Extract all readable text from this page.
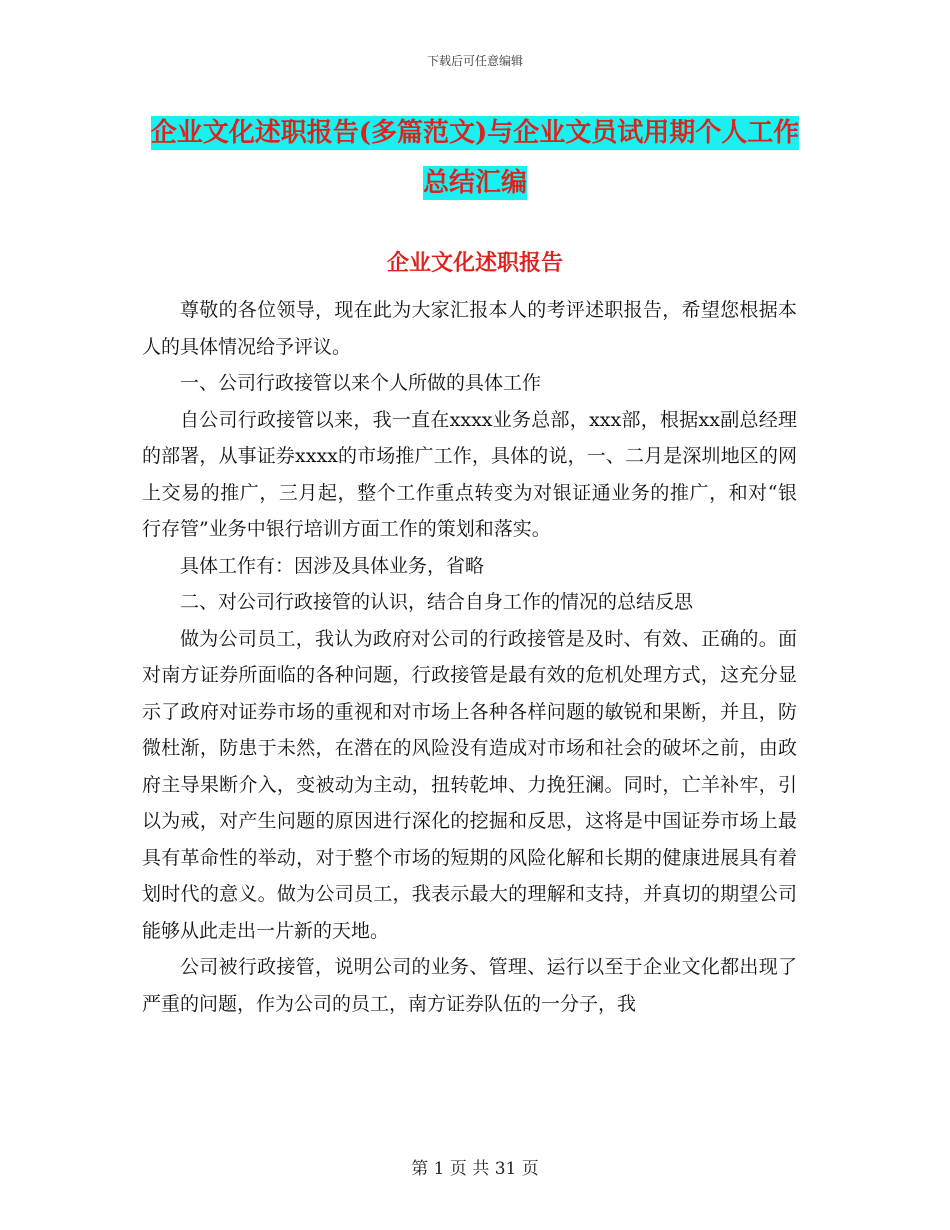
下载后可任意编辑
企业文化述职报告(多篇范文)与企业文员试用期个人工作总结汇编
企业文化述职报告

尊敬的各位领导，现在此为大家汇报本人的考评述职报告，希望您根据本人的具体情况给予评议。

一、公司行政接管以来个人所做的具体工作

自公司行政接管以来，我一直在xxxx业务总部，xxx部，根据xx副总经理的部署，从事证券xxxx的市场推广工作，具体的说，一、二月是深圳地区的网上交易的推广，三月起，整个工作重点转变为对银证通业务的推广，和对“银行存管”业务中银行培训方面工作的策划和落实。

具体工作有：因涉及具体业务，省略

二、对公司行政接管的认识，结合自身工作的情况的总结反思

做为公司员工，我认为政府对公司的行政接管是及时、有效、正确的。面对南方证券所面临的各种问题，行政接管是最有效的危机处理方式，这充分显示了政府对证券市场的重视和对市场上各种各样问题的敏锐和果断，并且，防微杜渐，防患于未然，在潜在的风险没有造成对市场和社会的破坏之前，由政府主导果断介入，变被动为主动，扭转乾坤、力挽狂澜。同时，亡羊补牢，引以为戒，对产生问题的原因进行深化的挖掘和反思，这将是中国证券市场上最具有革命性的举动，对于整个市场的短期的风险化解和长期的健康进展具有着划时代的意义。做为公司员工，我表示最大的理解和支持，并真切的期望公司能够从此走出一片新的天地。

公司被行政接管，说明公司的业务、管理、运行以至于企业文化都出现了严重的问题，作为公司的员工，南方证券队伍的一分子，我

第 1 页 共 31 页
